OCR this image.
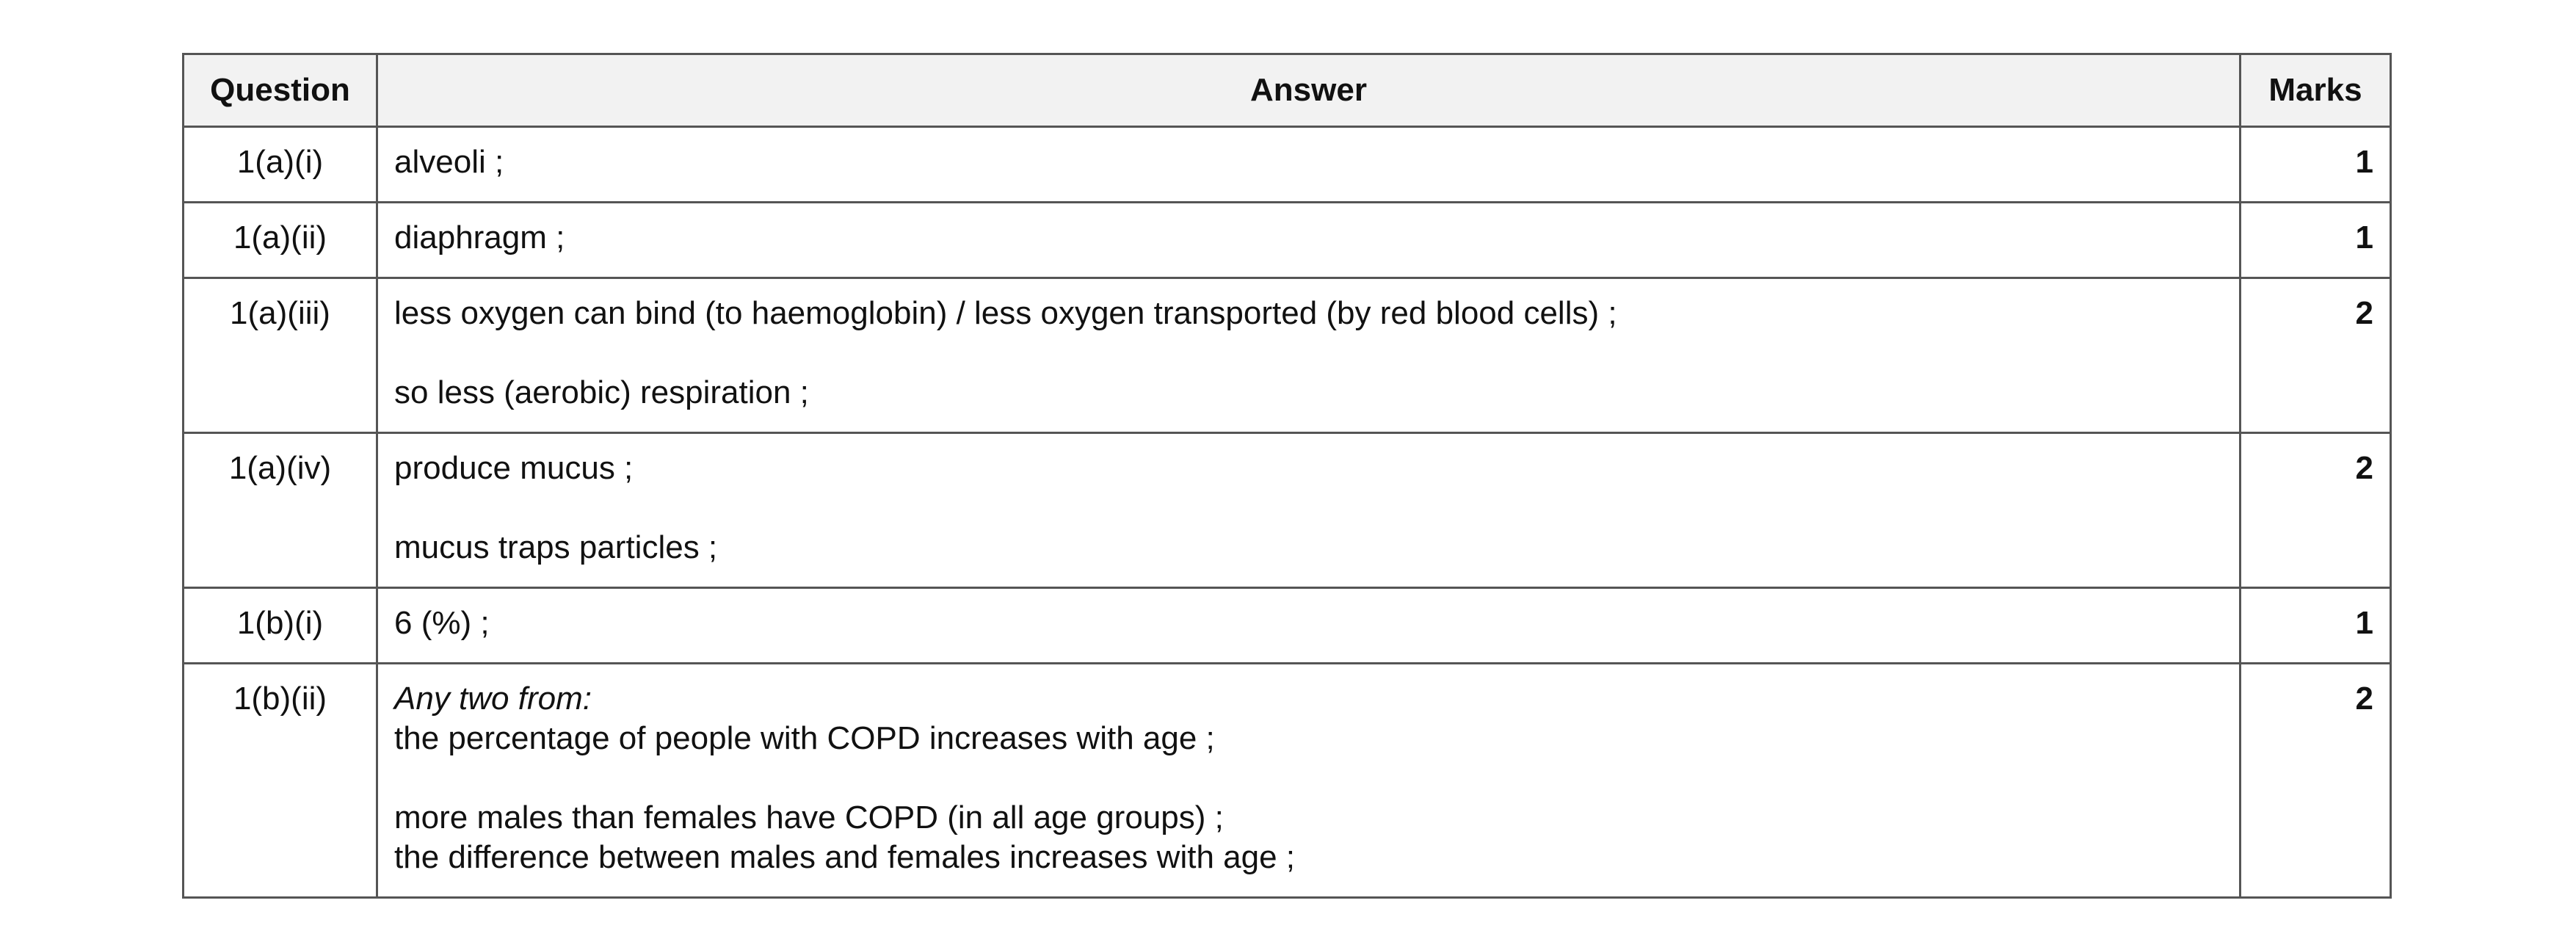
Question	Answer	Marks
1(a)(i)	alveoli ;	1
1(a)(ii)	diaphragm ;	1
1(a)(iii)	less oxygen can bind (to haemoglobin) / less oxygen transported (by red blood cells) ;
so less (aerobic) respiration ;	2
1(a)(iv)	produce mucus ;
mucus traps particles ;	2
1(b)(i)	6 (%) ;	1
1(b)(ii)	Any two from:
the percentage of people with COPD increases with age ;
more males than females have COPD (in all age groups) ;
the difference between males and females increases with age ;	2
